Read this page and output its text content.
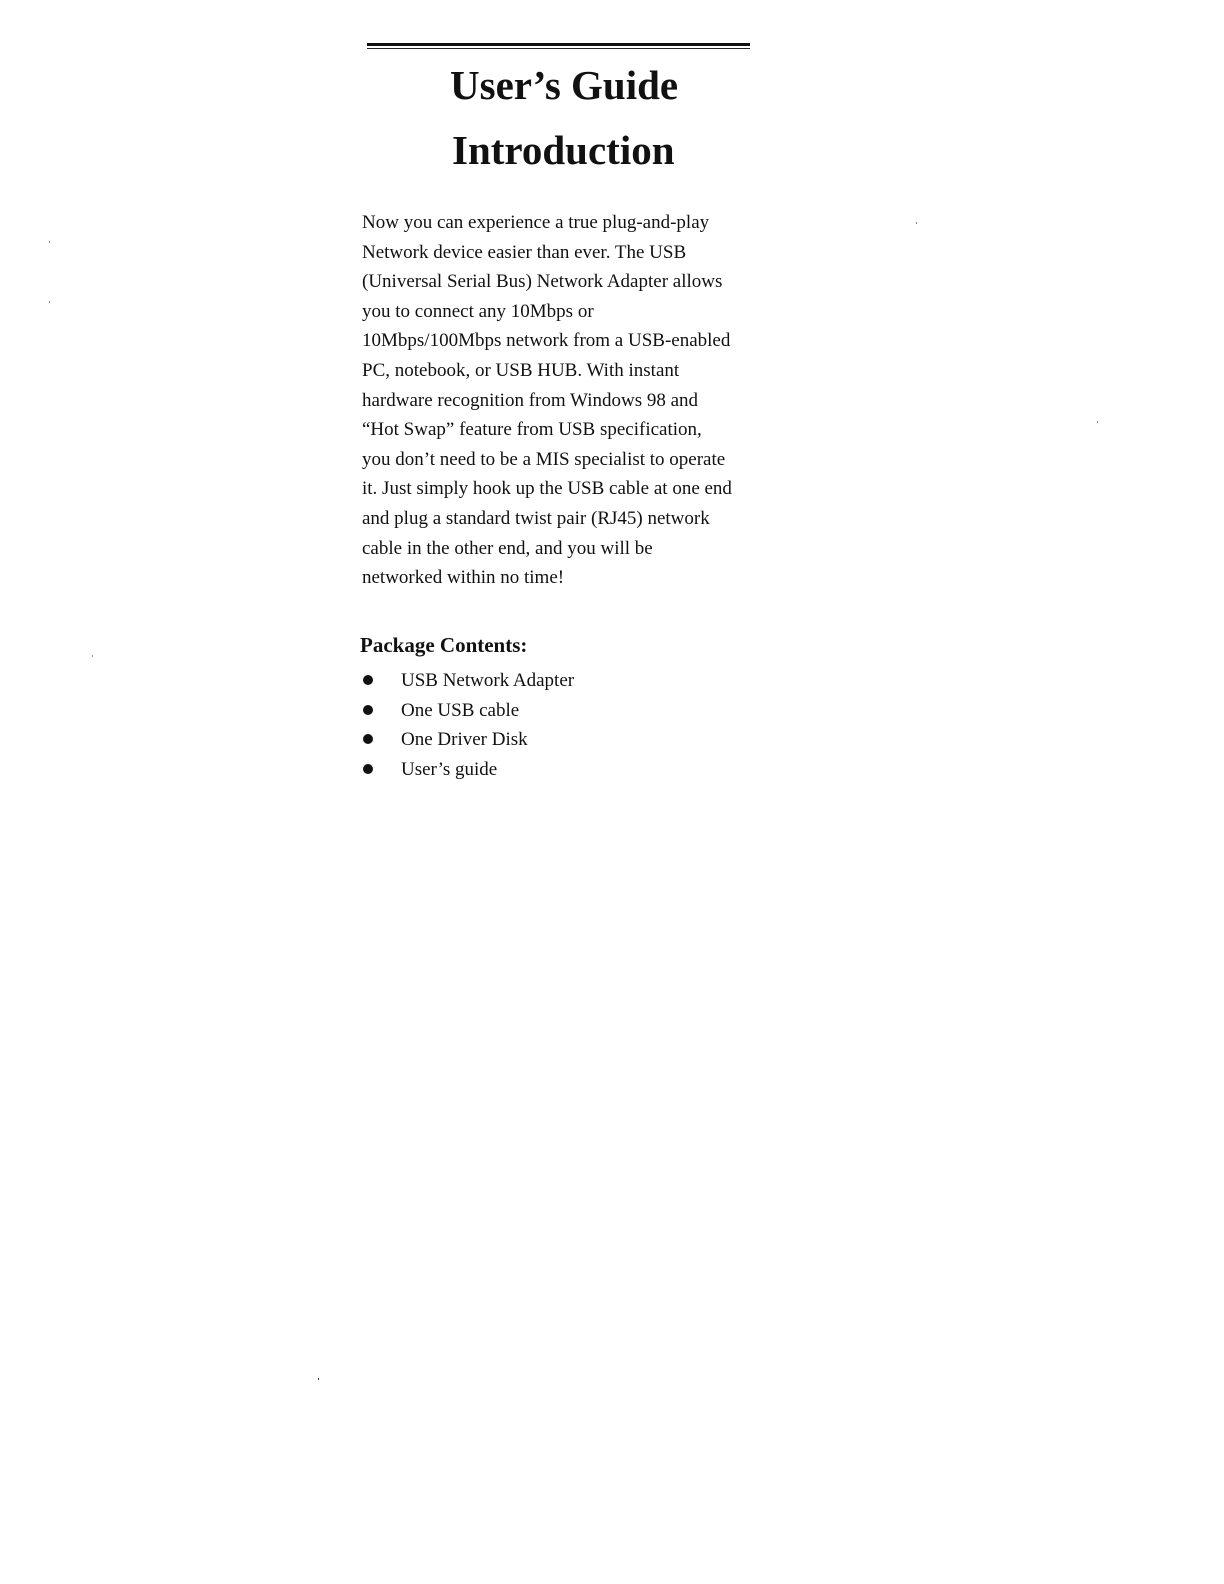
User’s Guide
Introduction

Now you can experience a true plug-and-play
Network device easier than ever. The USB
(Universal Serial Bus) Network Adapter allows
you to connect any 10Mbps or
10Mbps/100Mbps network from a USB-enabled
PC, notebook, or USB HUB. With instant
hardware recognition from Windows 98 and
“Hot Swap” feature from USB specification,
you don’t need to be a MIS specialist to operate
it. Just simply hook up the USB cable at one end
and plug a standard twist pair (RJ45) network
cable in the other end, and you will be
networked within no time!

Package Contents:
USB Network Adapter
One USB cable
One Driver Disk
User’s guide
